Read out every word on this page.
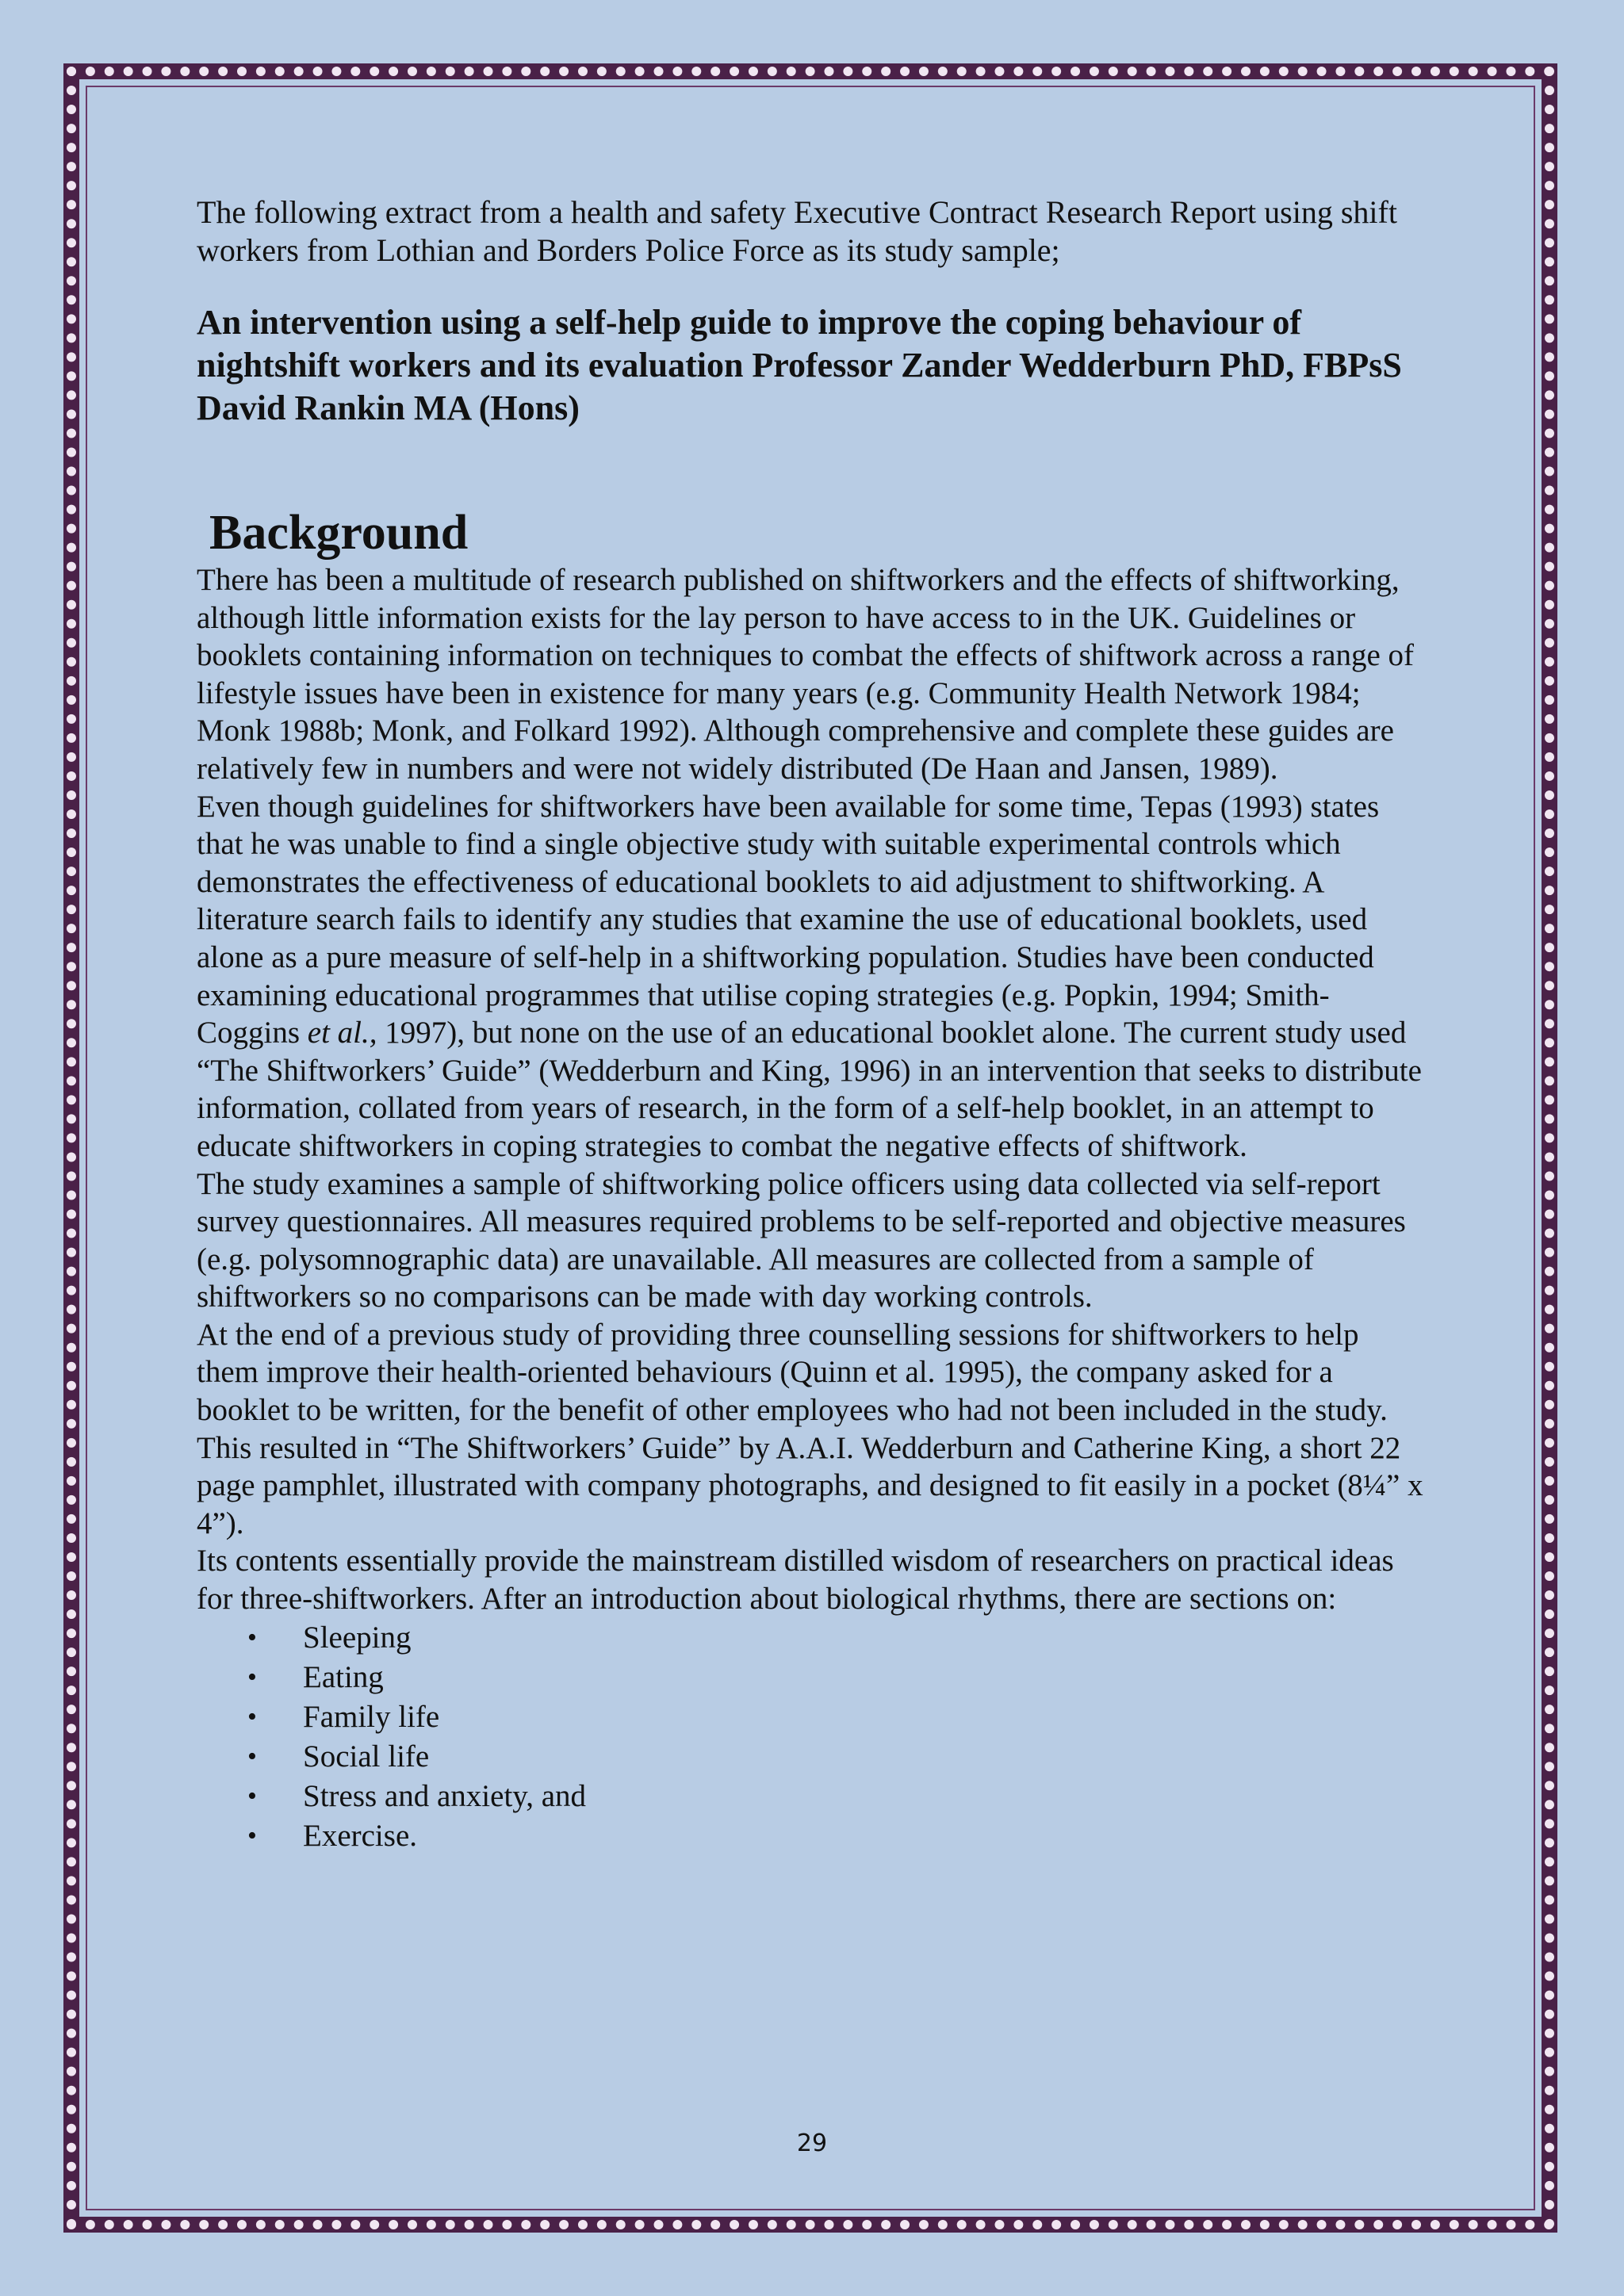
The following extract from a health and safety Executive Contract Research Report using shift workers from Lothian and Borders Police Force as its study sample;

An intervention using a self-help guide to improve the coping behaviour of nightshift workers and its evaluation Professor Zander Wedderburn PhD, FBPsS David Rankin MA (Hons)
Background

There has been a multitude of research published on shiftworkers and the effects of shiftworking, although little information exists for the lay person to have access to in the UK. Guidelines or booklets containing information on techniques to combat the effects of shiftwork across a range of lifestyle issues have been in existence for many years (e.g. Community Health Network 1984; Monk 1988b; Monk, and Folkard 1992). Although comprehensive and complete these guides are relatively few in numbers and were not widely distributed (De Haan and Jansen, 1989).

Even though guidelines for shiftworkers have been available for some time, Tepas (1993) states that he was unable to find a single objective study with suitable experimental controls which demonstrates the effectiveness of educational booklets to aid adjustment to shiftworking. A literature search fails to identify any studies that examine the use of educational booklets, used alone as a pure measure of self-help in a shiftworking population. Studies have been conducted examining educational programmes that utilise coping strategies (e.g. Popkin, 1994; Smith-Coggins et al., 1997), but none on the use of an educational booklet alone. The current study used “The Shiftworkers’ Guide” (Wedderburn and King, 1996) in an intervention that seeks to distribute information, collated from years of research, in the form of a self-help booklet, in an attempt to educate shiftworkers in coping strategies to combat the negative effects of shiftwork.

The study examines a sample of shiftworking police officers using data collected via self-report survey questionnaires. All measures required problems to be self-reported and objective measures (e.g. polysomnographic data) are unavailable. All measures are collected from a sample of shiftworkers so no comparisons can be made with day working controls.

At the end of a previous study of providing three counselling sessions for shiftworkers to help them improve their health-oriented behaviours (Quinn et al. 1995), the company asked for a booklet to be written, for the benefit of other employees who had not been included in the study. This resulted in “The Shiftworkers’ Guide” by A.A.I. Wedderburn and Catherine King, a short 22 page pamphlet, illustrated with company photographs, and designed to fit easily in a pocket (8¼” x 4”).

Its contents essentially provide the mainstream distilled wisdom of researchers on practical ideas for three-shiftworkers. After an introduction about biological rhythms, there are sections on:

• Sleeping
• Eating
• Family life
• Social life
• Stress and anxiety, and
• Exercise.
29
